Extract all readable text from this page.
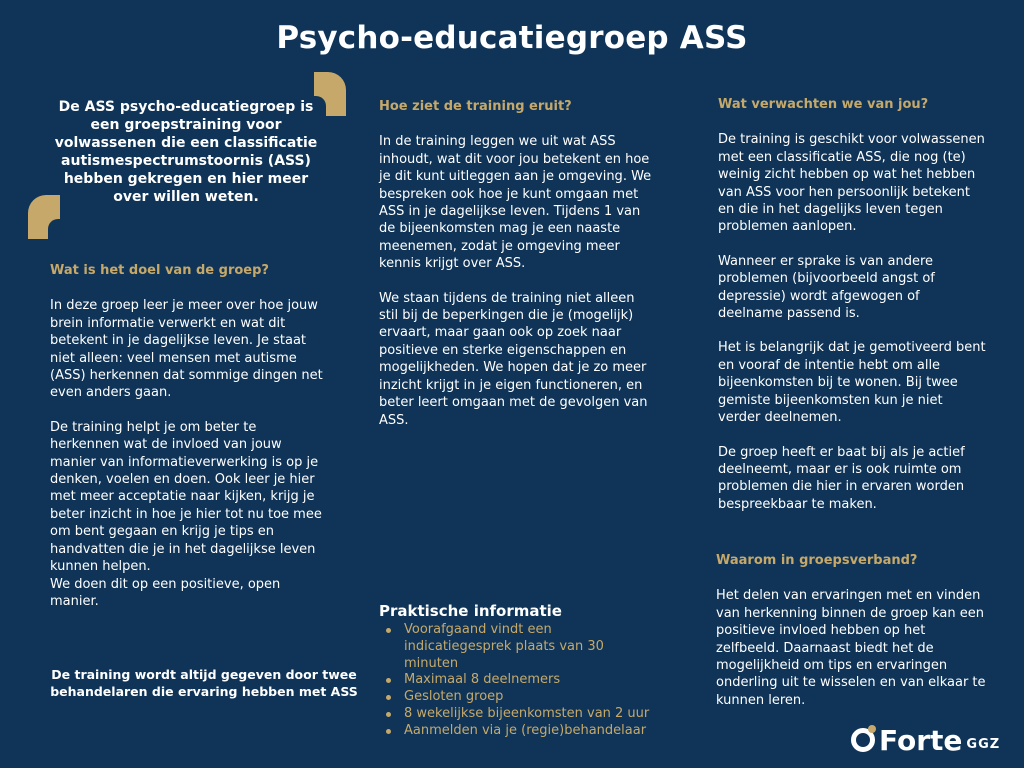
Psycho-educatiegroep ASS
De ASS psycho-educatiegroep is een groepstraining voor volwassenen die een classificatie autismespectrumstoornis (ASS) hebben gekregen en hier meer over willen weten.
Wat is het doel van de groep?

In deze groep leer je meer over hoe jouw brein informatie verwerkt en wat dit betekent in je dagelijkse leven. Je staat niet alleen: veel mensen met autisme (ASS) herkennen dat sommige dingen net even anders gaan.

De training helpt je om beter te herkennen wat de invloed van jouw manier van informatieverwerking is op je denken, voelen en doen. Ook leer je hier met meer acceptatie naar kijken, krijg je beter inzicht in hoe je hier tot nu toe mee om bent gegaan en krijg je tips en handvatten die je in het dagelijkse leven kunnen helpen.

We doen dit op een positieve, open manier.

De training wordt altijd gegeven door twee behandelaren die ervaring hebben met ASS
Hoe ziet de training eruit?

In de training leggen we uit wat ASS inhoudt, wat dit voor jou betekent en hoe je dit kunt uitleggen aan je omgeving. We bespreken ook hoe je kunt omgaan met ASS in je dagelijkse leven. Tijdens 1 van de bijeenkomsten mag je een naaste meenemen, zodat je omgeving meer kennis krijgt over ASS.

We staan tijdens de training niet alleen stil bij de beperkingen die je (mogelijk) ervaart, maar gaan ook op zoek naar positieve en sterke eigenschappen en mogelijkheden. We hopen dat je zo meer inzicht krijgt in je eigen functioneren, en beter leert omgaan met de gevolgen van ASS.

Praktische informatie
Voorafgaand vindt een indicatiegesprek plaats van 30 minuten
Maximaal 8 deelnemers
Gesloten groep
8 wekelijkse bijeenkomsten van 2 uur
Aanmelden via je (regie)behandelaar
Wat verwachten we van jou?

De training is geschikt voor volwassenen met een classificatie ASS, die nog (te) weinig zicht hebben op wat het hebben van ASS voor hen persoonlijk betekent en die in het dagelijks leven tegen problemen aanlopen.

Wanneer er sprake is van andere problemen (bijvoorbeeld angst of depressie) wordt afgewogen of deelname passend is.

Het is belangrijk dat je gemotiveerd bent en vooraf de intentie hebt om alle bijeenkomsten bij te wonen. Bij twee gemiste bijeenkomsten kun je niet verder deelnemen.

De groep heeft er baat bij als je actief deelneemt, maar er is ook ruimte om problemen die hier in ervaren worden bespreekbaar te maken.

Waarom in groepsverband?

Het delen van ervaringen met en vinden van herkenning binnen de groep kan een positieve invloed hebben op het zelfbeeld. Daarnaast biedt het de mogelijkheid om tips en ervaringen onderling uit te wisselen en van elkaar te kunnen leren.

Forte GGZ
